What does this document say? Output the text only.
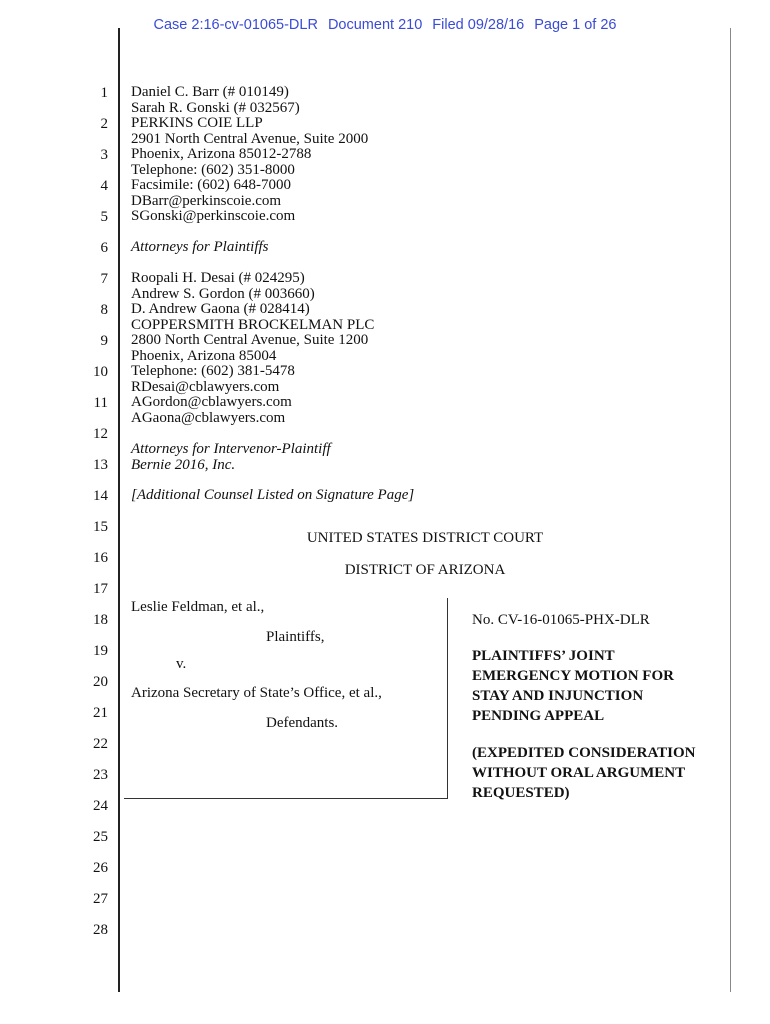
Case 2:16-cv-01065-DLR Document 210 Filed 09/28/16 Page 1 of 26
1
2
3
4
5
6
7
8
9
10
11
12
13
14
15
16
17
18
19
20
21
22
23
24
25
26
27
28
Daniel C. Barr (# 010149)
Sarah R. Gonski (# 032567)
PERKINS COIE LLP
2901 North Central Avenue, Suite 2000
Phoenix, Arizona 85012-2788
Telephone: (602) 351-8000
Facsimile: (602) 648-7000
DBarr@perkinscoie.com
SGonski@perkinscoie.com
Attorneys for Plaintiffs
Roopali H. Desai (# 024295)
Andrew S. Gordon (# 003660)
D. Andrew Gaona (# 028414)
COPPERSMITH BROCKELMAN PLC
2800 North Central Avenue, Suite 1200
Phoenix, Arizona 85004
Telephone: (602) 381-5478
RDesai@cblawyers.com
AGordon@cblawyers.com
AGaona@cblawyers.com
Attorneys for Intervenor-Plaintiff
Bernie 2016, Inc.
[Additional Counsel Listed on Signature Page]
UNITED STATES DISTRICT COURT
DISTRICT OF ARIZONA
Leslie Feldman, et al.,
Plaintiffs,
v.
Arizona Secretary of State’s Office, et al.,
Defendants.
No. CV-16-01065-PHX-DLR
PLAINTIFFS’ JOINT
EMERGENCY MOTION FOR
STAY AND INJUNCTION
PENDING APPEAL
(EXPEDITED CONSIDERATION
WITHOUT ORAL ARGUMENT
REQUESTED)
